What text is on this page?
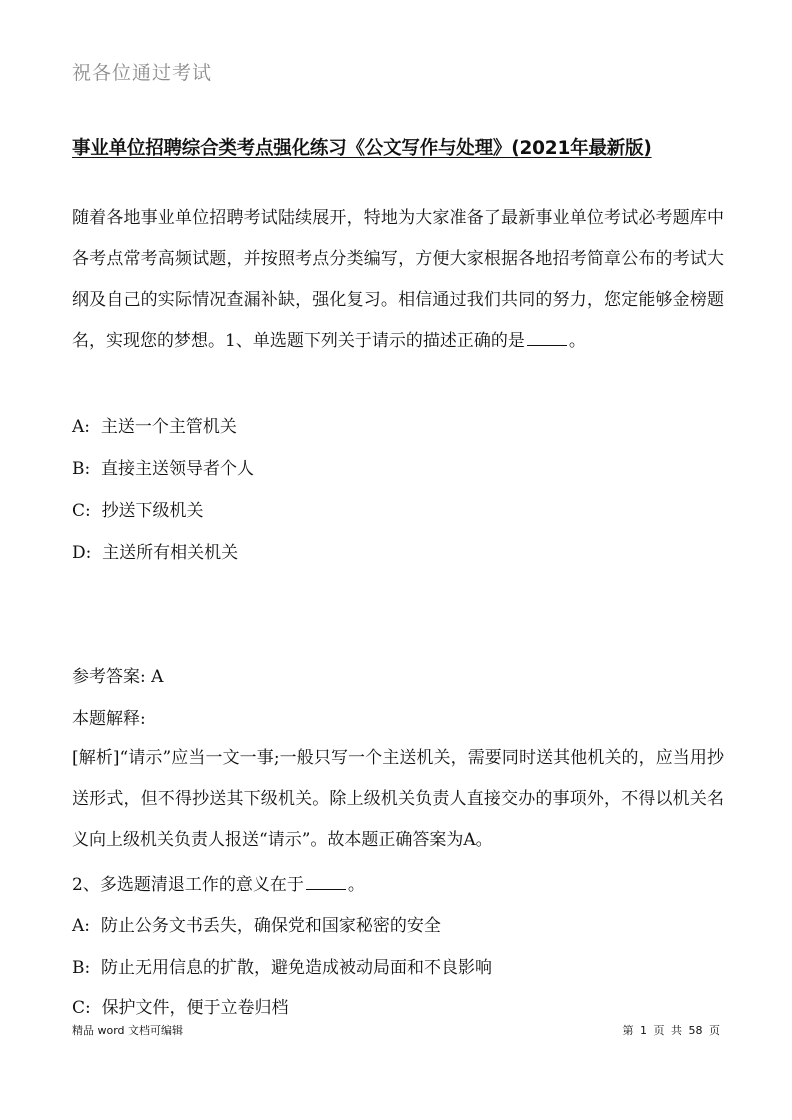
祝各位通过考试
事业单位招聘综合类考点强化练习《公文写作与处理》(2021年最新版)
随着各地事业单位招聘考试陆续展开，特地为大家准备了最新事业单位考试必考题库中各考点常考高频试题，并按照考点分类编写，方便大家根据各地招考简章公布的考试大纲及自己的实际情况查漏补缺，强化复习。相信通过我们共同的努力，您定能够金榜题名，实现您的梦想。1、单选题下列关于请示的描述正确的是	。
A: 主送一个主管机关
B: 直接主送领导者个人
C: 抄送下级机关
D: 主送所有相关机关
参考答案: A
本题解释:
[解析]“请示”应当一文一事;一般只写一个主送机关，需要同时送其他机关的，应当用抄送形式，但不得抄送其下级机关。除上级机关负责人直接交办的事项外，不得以机关名义向上级机关负责人报送“请示”。故本题正确答案为A。
2、多选题清退工作的意义在于	。
A: 防止公务文书丢失，确保党和国家秘密的安全
B: 防止无用信息的扩散，避免造成被动局面和不良影响
C: 保护文件，便于立卷归档
精品 word 文档可编辑	第 1 页 共 58 页
